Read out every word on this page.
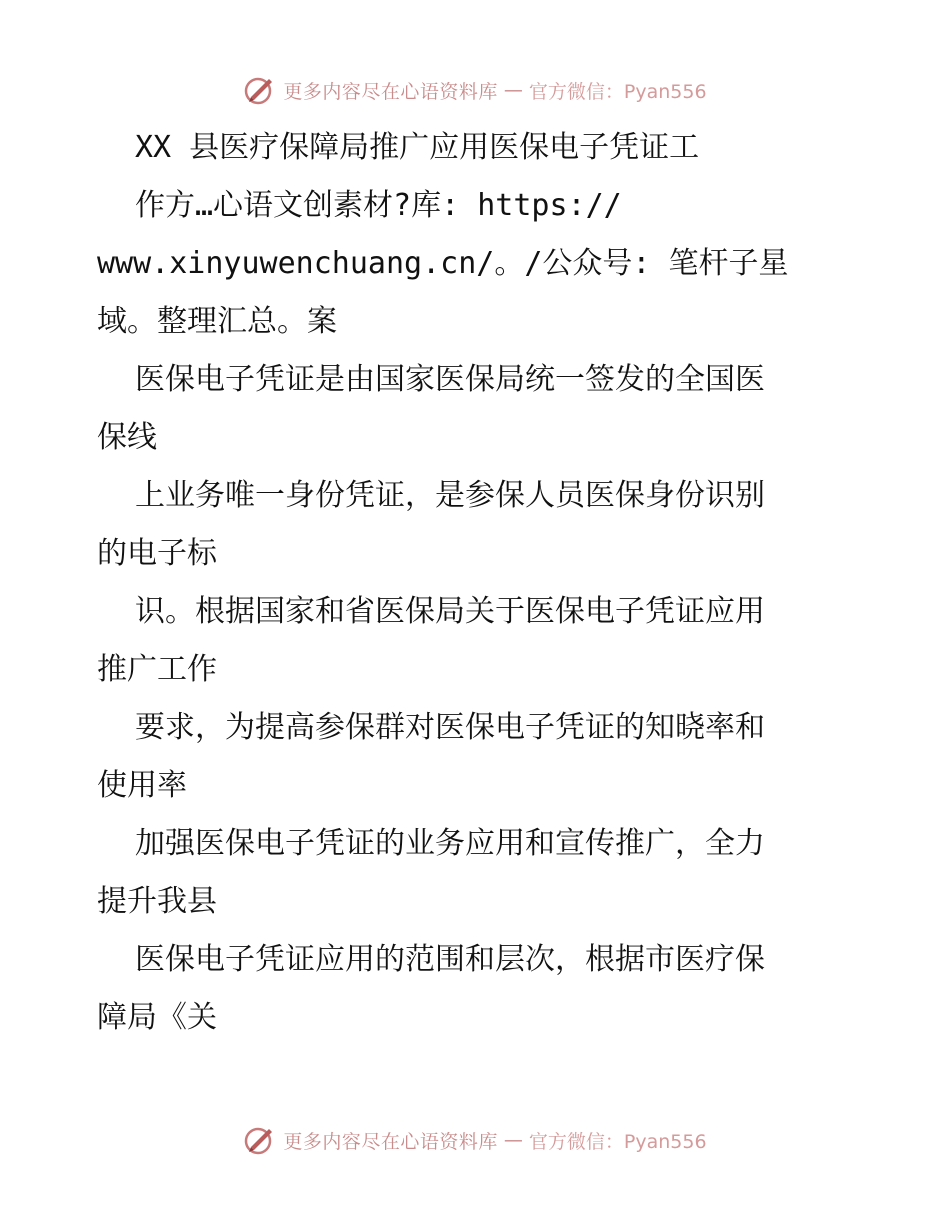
更多内容尽在心语资料库 — 官方微信：Pyan556
XX 县医疗保障局推广应用医保电子凭证工
作方…心语文创素材?库: https://
www.xinyuwenchuang.cn/。/公众号: 笔杆子星
域。整理汇总。案
医保电子凭证是由国家医保局统一签发的全国医
保线
上业务唯一身份凭证，是参保人员医保身份识别
的电子标
识。根据国家和省医保局关于医保电子凭证应用
推广工作
要求，为提高参保群对医保电子凭证的知晓率和
使用率
加强医保电子凭证的业务应用和宣传推广，全力
提升我县
医保电子凭证应用的范围和层次，根据市医疗保
障局《关
更多内容尽在心语资料库 — 官方微信：Pyan556
